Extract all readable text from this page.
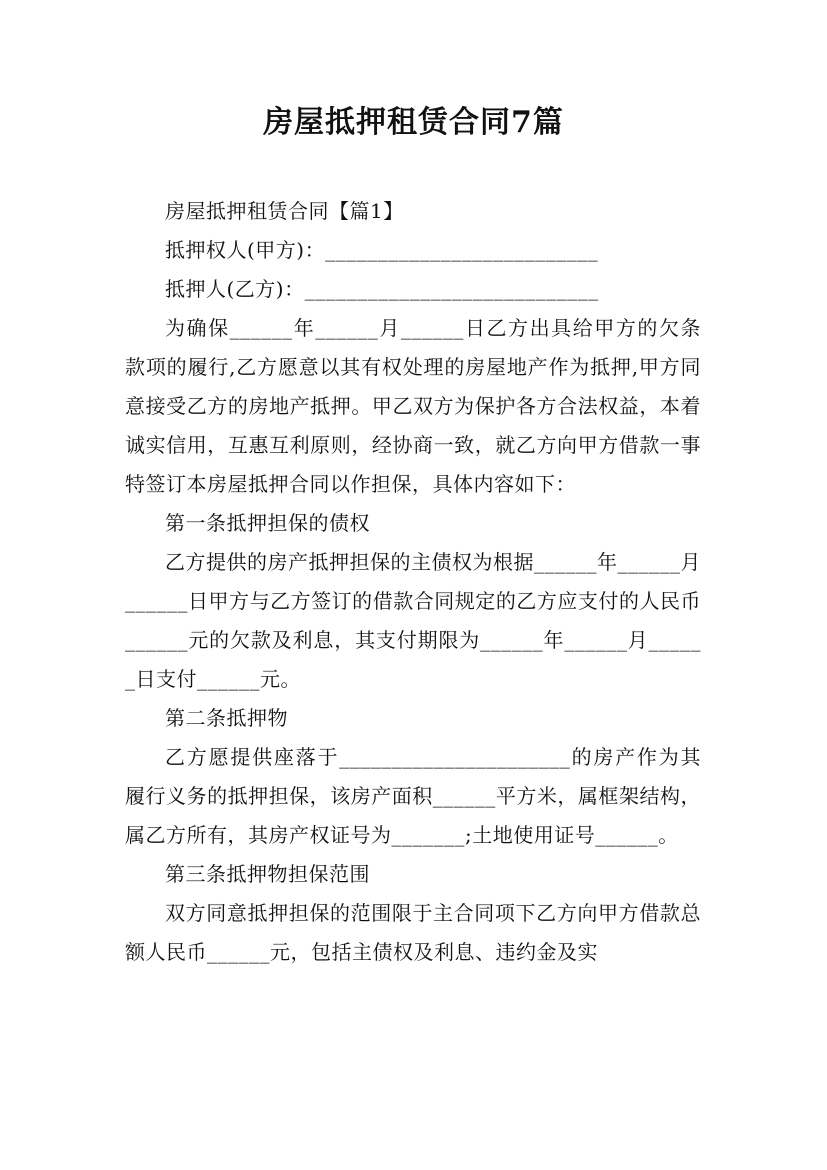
房屋抵押租赁合同7篇

房屋抵押租赁合同【篇1】

抵押权人(甲方)：__________________________

抵押人(乙方)：____________________________

为确保______年______月______日乙方出具给甲方的欠条款项的履行,乙方愿意以其有权处理的房屋地产作为抵押,甲方同意接受乙方的房地产抵押。甲乙双方为保护各方合法权益，本着诚实信用，互惠互利原则，经协商一致，就乙方向甲方借款一事特签订本房屋抵押合同以作担保，具体内容如下：

第一条抵押担保的债权

乙方提供的房产抵押担保的主债权为根据______年______月______日甲方与乙方签订的借款合同规定的乙方应支付的人民币______元的欠款及利息，其支付期限为______年______月______日支付______元。

第二条抵押物

乙方愿提供座落于______________________的房产作为其履行义务的抵押担保，该房产面积______平方米，属框架结构，属乙方所有，其房产权证号为_______;土地使用证号______。

第三条抵押物担保范围

双方同意抵押担保的范围限于主合同项下乙方向甲方借款总额人民币______元，包括主债权及利息、违约金及实
